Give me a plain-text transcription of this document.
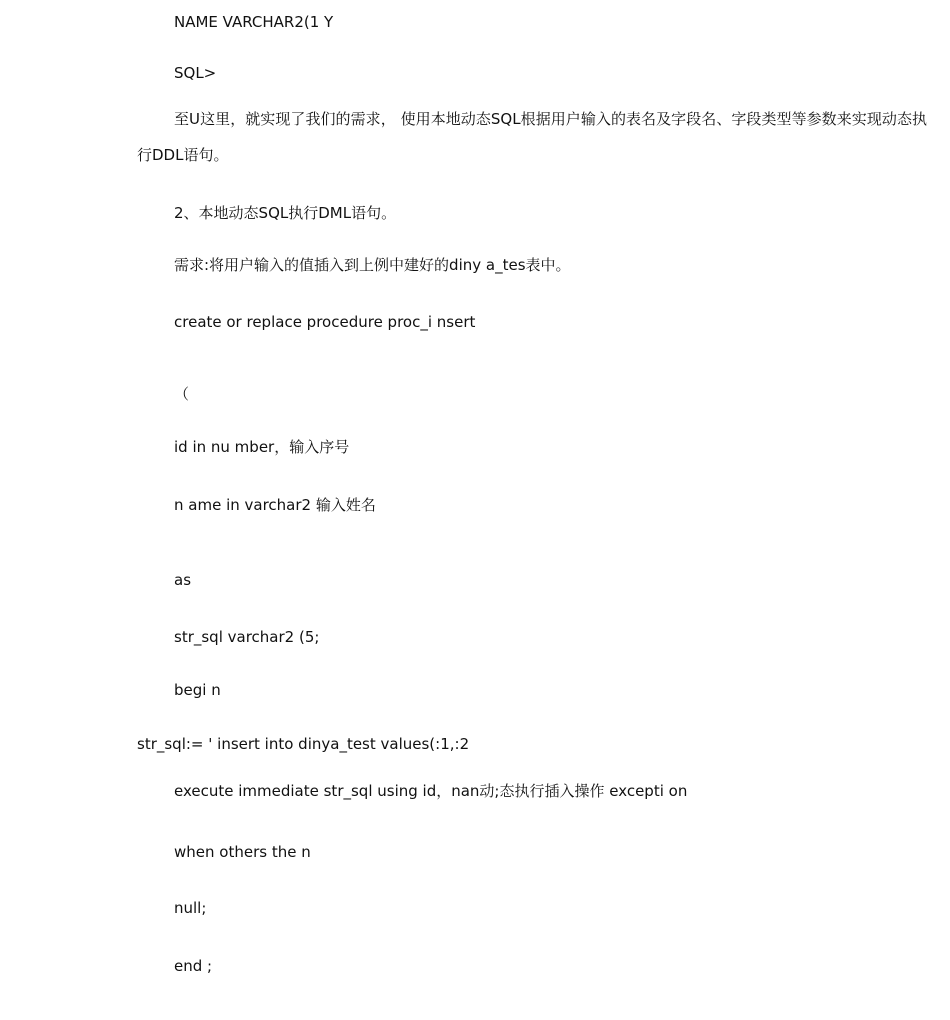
NAME VARCHAR2(1 Y
SQL>
至U这里，就实现了我们的需求， 使用本地动态SQL根据用户输入的表名及字段名、字段类型等参数来实现动态执行DDL语句。
2、本地动态SQL执行DML语句。
需求:将用户输入的值插入到上例中建好的diny a_tes表中。
create or replace procedure proc_i nsert
（
id in nu mber，输入序号
n ame in varchar2 输入姓名
as
str_sql varchar2 (5;
begi n
str_sql:= ' insert into dinya_test values(:1,:2
execute immediate str_sql using id，nan动;态执行插入操作 excepti on
when others the n
null;
end ;
